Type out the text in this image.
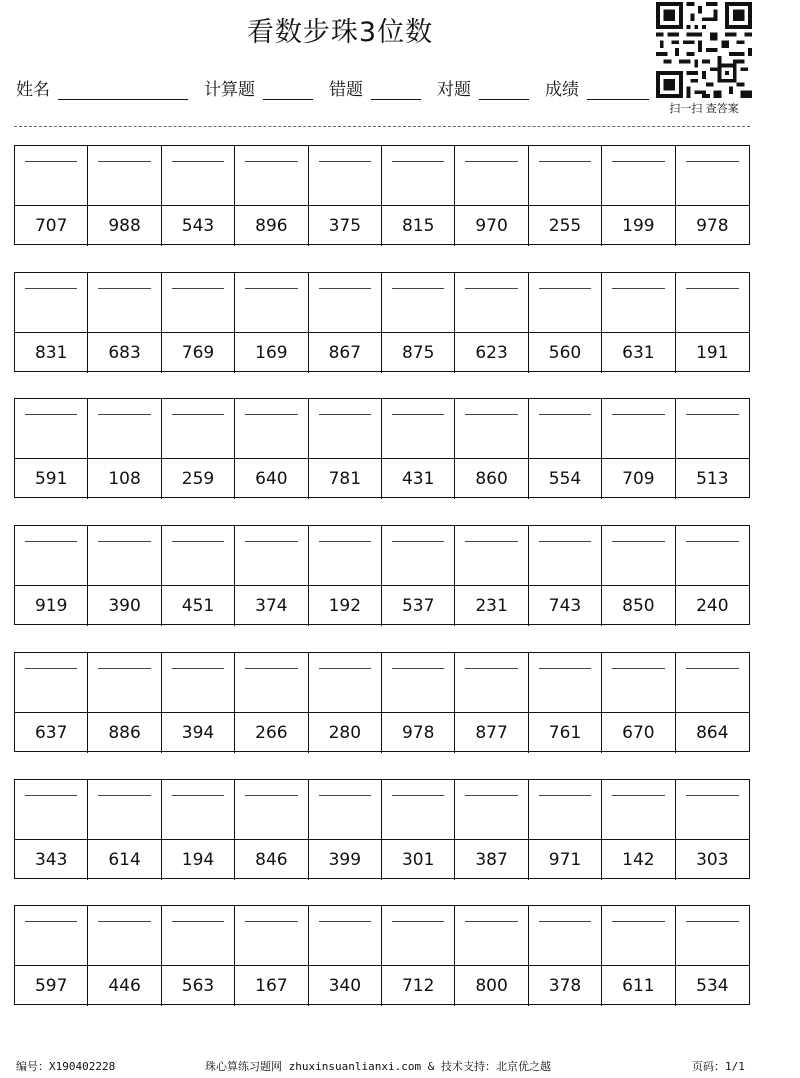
看数步珠3位数
姓名	计算题	错题	对题	成绩
扫一扫 查答案
707	988	543	896	375	815	970	255	199	978
831	683	769	169	867	875	623	560	631	191
591	108	259	640	781	431	860	554	709	513
919	390	451	374	192	537	231	743	850	240
637	886	394	266	280	978	877	761	670	864
343	614	194	846	399	301	387	971	142	303
597	446	563	167	340	712	800	378	611	534
编号：X190402228	珠心算练习题网 zhuxinsuanlianxi.com & 技术支持：北京优之越	页码：1/1
